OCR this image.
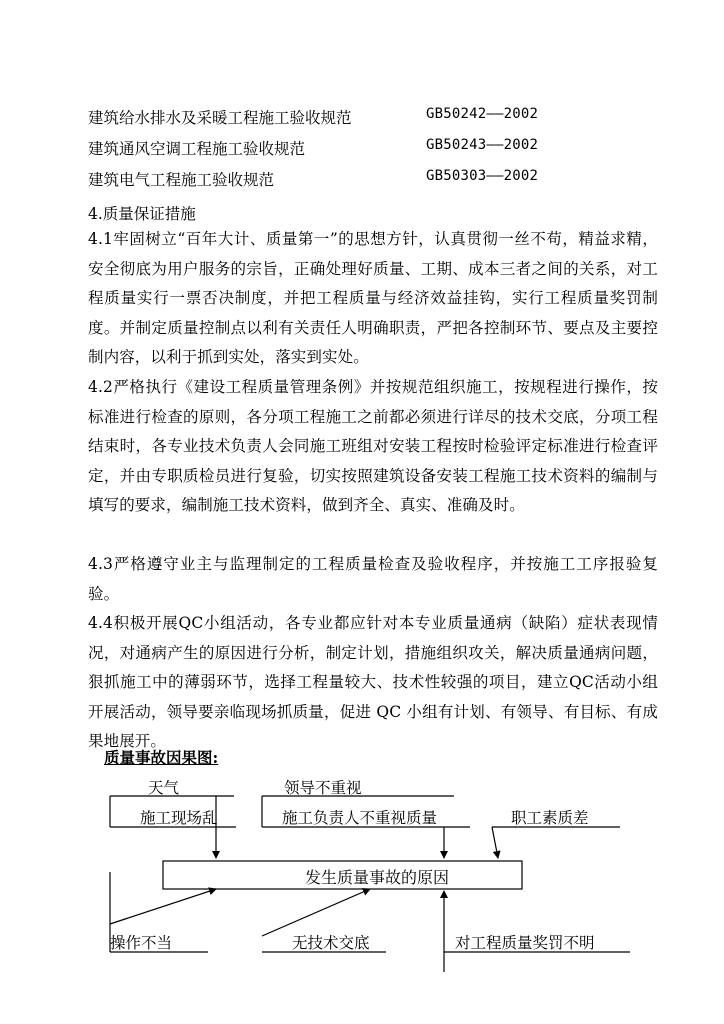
建筑给水排水及采暖工程施工验收规范	GB50242——2002
建筑通风空调工程施工验收规范	GB50243——2002
建筑电气工程施工验收规范	GB50303——2002
4.质量保证措施

4.1牢固树立“百年大计、质量第一”的思想方针，认真贯彻一丝不苟，精益求精，安全彻底为用户服务的宗旨，正确处理好质量、工期、成本三者之间的关系，对工程质量实行一票否决制度，并把工程质量与经济效益挂钩，实行工程质量奖罚制度。并制定质量控制点以利有关责任人明确职责，严把各控制环节、要点及主要控制内容，以利于抓到实处，落实到实处。

4.2严格执行《建设工程质量管理条例》并按规范组织施工，按规程进行操作，按标准进行检查的原则，各分项工程施工之前都必须进行详尽的技术交底，分项工程结束时，各专业技术负责人会同施工班组对安装工程按时检验评定标准进行检查评定，并由专职质检员进行复验，切实按照建筑设备安装工程施工技术资料的编制与填写的要求，编制施工技术资料，做到齐全、真实、准确及时。

4.3严格遵守业主与监理制定的工程质量检查及验收程序，并按施工工序报验复验。

4.4积极开展QC小组活动，各专业都应针对本专业质量通病（缺陷）症状表现情况，对通病产生的原因进行分析，制定计划，措施组织攻关，解决质量通病问题，狠抓施工中的薄弱环节，选择工程量较大、技术性较强的项目，建立QC活动小组开展活动，领导要亲临现场抓质量，促进 QC 小组有计划、有领导、有目标、有成果地展开。

质量事故因果图:
天气
施工现场乱
领导不重视
施工负责人不重视质量	职工素质差
发生质量事故的原因
操作不当	无技术交底	对工程质量奖罚不明
